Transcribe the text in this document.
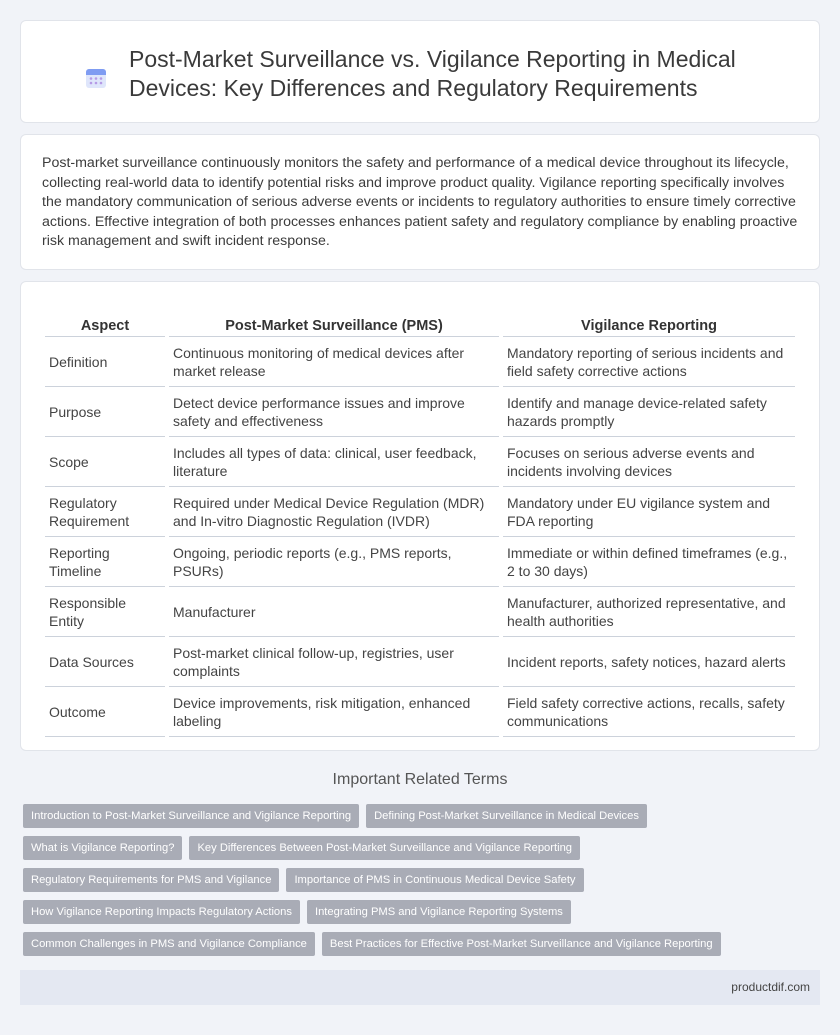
Post-Market Surveillance vs. Vigilance Reporting in Medical Devices: Key Differences and Regulatory Requirements

Post-market surveillance continuously monitors the safety and performance of a medical device throughout its lifecycle, collecting real-world data to identify potential risks and improve product quality. Vigilance reporting specifically involves the mandatory communication of serious adverse events or incidents to regulatory authorities to ensure timely corrective actions. Effective integration of both processes enhances patient safety and regulatory compliance by enabling proactive risk management and swift incident response.

Aspect	Post-Market Surveillance (PMS)	Vigilance Reporting
Definition	Continuous monitoring of medical devices after market release	Mandatory reporting of serious incidents and field safety corrective actions
Purpose	Detect device performance issues and improve safety and effectiveness	Identify and manage device-related safety hazards promptly
Scope	Includes all types of data: clinical, user feedback, literature	Focuses on serious adverse events and incidents involving devices
Regulatory Requirement	Required under Medical Device Regulation (MDR) and In-vitro Diagnostic Regulation (IVDR)	Mandatory under EU vigilance system and FDA reporting
Reporting Timeline	Ongoing, periodic reports (e.g., PMS reports, PSURs)	Immediate or within defined timeframes (e.g., 2 to 30 days)
Responsible Entity	Manufacturer	Manufacturer, authorized representative, and health authorities
Data Sources	Post-market clinical follow-up, registries, user complaints	Incident reports, safety notices, hazard alerts
Outcome	Device improvements, risk mitigation, enhanced labeling	Field safety corrective actions, recalls, safety communications
Important Related Terms
Introduction to Post-Market Surveillance and Vigilance Reporting	Defining Post-Market Surveillance in Medical Devices
What is Vigilance Reporting?	Key Differences Between Post-Market Surveillance and Vigilance Reporting
Regulatory Requirements for PMS and Vigilance	Importance of PMS in Continuous Medical Device Safety
How Vigilance Reporting Impacts Regulatory Actions	Integrating PMS and Vigilance Reporting Systems
Common Challenges in PMS and Vigilance Compliance	Best Practices for Effective Post-Market Surveillance and Vigilance Reporting
productdif.com
